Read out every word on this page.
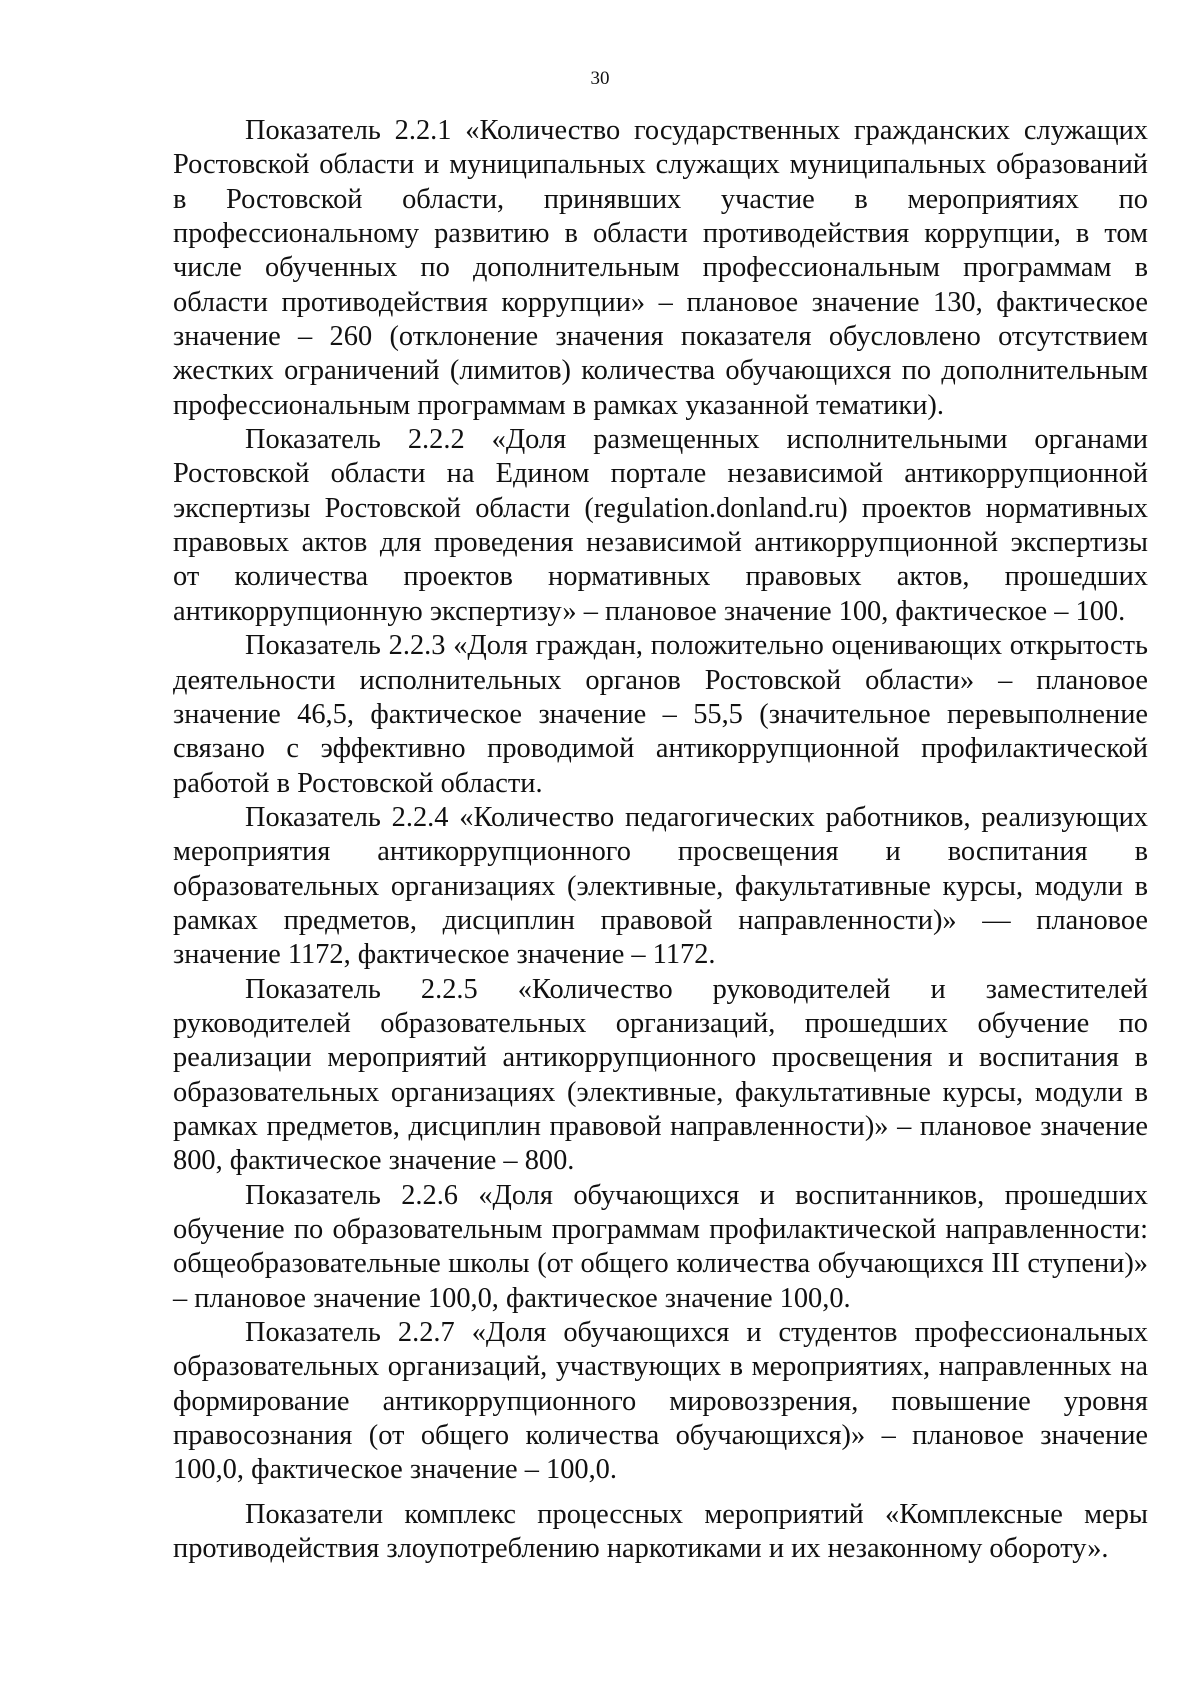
30

Показатель 2.2.1 «Количество государственных гражданских служащих Ростовской области и муниципальных служащих муниципальных образований в Ростовской области, принявших участие в мероприятиях по профессиональному развитию в области противодействия коррупции, в том числе обученных по дополнительным профессиональным программам в области противодействия коррупции» – плановое значение 130, фактическое значение – 260 (отклонение значения показателя обусловлено отсутствием жестких ограничений (лимитов) количества обучающихся по дополнительным профессиональным программам в рамках указанной тематики).

Показатель 2.2.2 «Доля размещенных исполнительными органами Ростовской области на Едином портале независимой антикоррупционной экспертизы Ростовской области (regulation.donland.ru) проектов нормативных правовых актов для проведения независимой антикоррупционной экспертизы от количества проектов нормативных правовых актов, прошедших антикоррупционную экспертизу» – плановое значение 100, фактическое – 100.

Показатель 2.2.3 «Доля граждан, положительно оценивающих открытость деятельности исполнительных органов Ростовской области» – плановое значение 46,5, фактическое значение – 55,5 (значительное перевыполнение связано с эффективно проводимой антикоррупционной профилактической работой в Ростовской области.

Показатель 2.2.4 «Количество педагогических работников, реализующих мероприятия антикоррупционного просвещения и воспитания в образовательных организациях (элективные, факультативные курсы, модули в рамках предметов, дисциплин правовой направленности)» — плановое значение 1172, фактическое значение – 1172.

Показатель 2.2.5 «Количество руководителей и заместителей руководителей образовательных организаций, прошедших обучение по реализации мероприятий антикоррупционного просвещения и воспитания в образовательных организациях (элективные, факультативные курсы, модули в рамках предметов, дисциплин правовой направленности)» – плановое значение 800, фактическое значение – 800.

Показатель 2.2.6 «Доля обучающихся и воспитанников, прошедших обучение по образовательным программам профилактической направленности: общеобразовательные школы (от общего количества обучающихся III ступени)» – плановое значение 100,0, фактическое значение 100,0.

Показатель 2.2.7 «Доля обучающихся и студентов профессиональных образовательных организаций, участвующих в мероприятиях, направленных на формирование антикоррупционного мировоззрения, повышение уровня правосознания (от общего количества обучающихся)» – плановое значение 100,0, фактическое значение – 100,0.

Показатели комплекс процессных мероприятий «Комплексные меры противодействия злоупотреблению наркотиками и их незаконному обороту».
